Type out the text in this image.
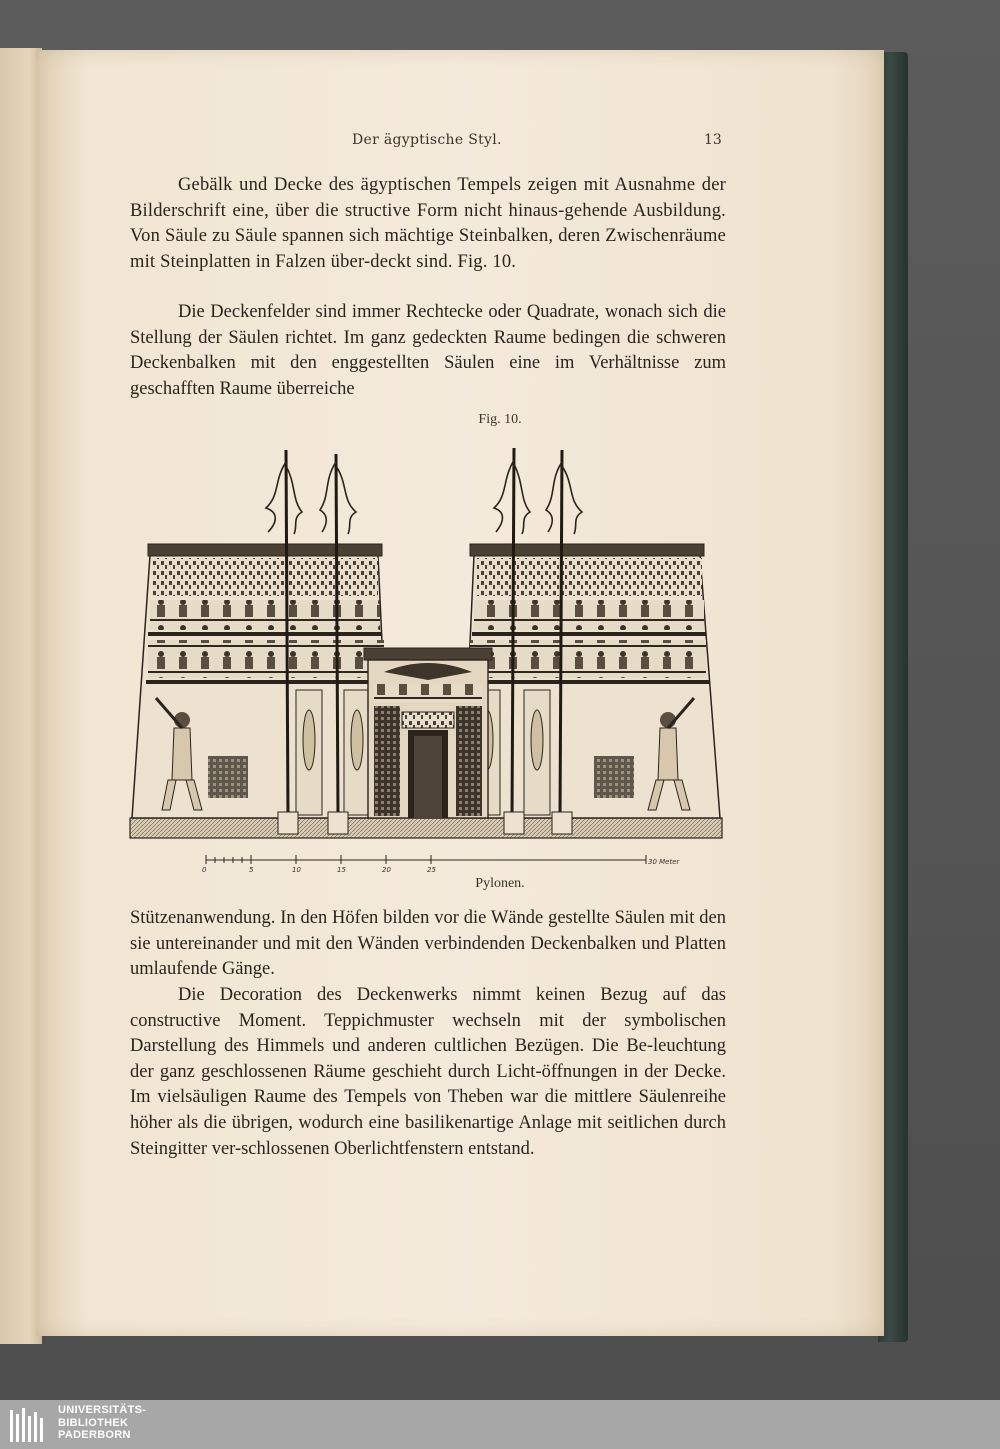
Der ägyptische Styl.	13
Gebälk und Decke des ägyptischen Tempels zeigen mit Ausnahme der Bilderschrift eine, über die structive Form nicht hinaus-gehende Ausbildung. Von Säule zu Säule spannen sich mächtige Steinbalken, deren Zwischenräume mit Steinplatten in Falzen über-deckt sind. Fig. 10.
Die Deckenfelder sind immer Rechtecke oder Quadrate, wonach sich die Stellung der Säulen richtet. Im ganz gedeckten Raume bedingen die schweren Deckenbalken mit den enggestellten Säulen eine im Verhältnisse zum geschafften Raume überreiche
Fig. 10.
0	5	10	15	20	25
30 Meter
Pylonen.
Stützenanwendung. In den Höfen bilden vor die Wände gestellte Säulen mit den sie untereinander und mit den Wänden verbindenden Deckenbalken und Platten umlaufende Gänge.
Die Decoration des Deckenwerks nimmt keinen Bezug auf das constructive Moment. Teppichmuster wechseln mit der symbolischen Darstellung des Himmels und anderen cultlichen Bezügen. Die Be-leuchtung der ganz geschlossenen Räume geschieht durch Licht-öffnungen in der Decke. Im vielsäuligen Raume des Tempels von Theben war die mittlere Säulenreihe höher als die übrigen, wodurch eine basilikenartige Anlage mit seitlichen durch Steingitter ver-schlossenen Oberlichtfenstern entstand.
UNIVERSITÄTS-
BIBLIOTHEK
PADERBORN
